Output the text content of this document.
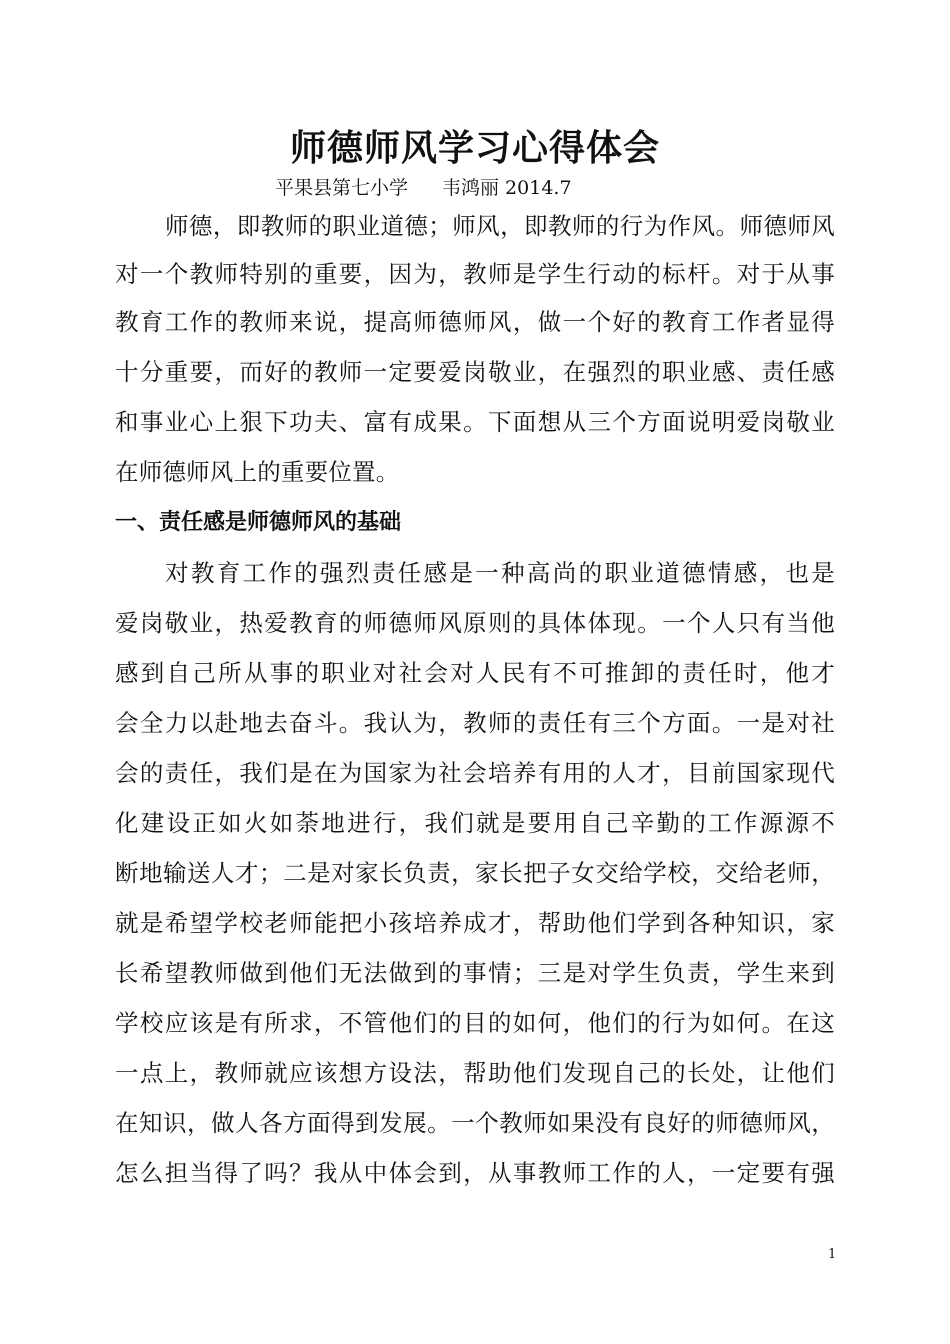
师德师风学习心得体会
平果县第七小学 韦鸿丽 2014.7
师德，即教师的职业道德；师风，即教师的行为作风。师德师风
对一个教师特别的重要，因为，教师是学生行动的标杆。对于从事
教育工作的教师来说，提高师德师风，做一个好的教育工作者显得
十分重要，而好的教师一定要爱岗敬业，在强烈的职业感、责任感
和事业心上狠下功夫、富有成果。下面想从三个方面说明爱岗敬业
在师德师风上的重要位置。
一、责任感是师德师风的基础
对教育工作的强烈责任感是一种高尚的职业道德情感，也是
爱岗敬业，热爱教育的师德师风原则的具体体现。一个人只有当他
感到自己所从事的职业对社会对人民有不可推卸的责任时，他才
会全力以赴地去奋斗。我认为，教师的责任有三个方面。一是对社
会的责任，我们是在为国家为社会培养有用的人才，目前国家现代
化建设正如火如荼地进行，我们就是要用自己辛勤的工作源源不
断地输送人才；二是对家长负责，家长把子女交给学校，交给老师，
就是希望学校老师能把小孩培养成才，帮助他们学到各种知识，家
长希望教师做到他们无法做到的事情；三是对学生负责，学生来到
学校应该是有所求，不管他们的目的如何，他们的行为如何。在这
一点上，教师就应该想方设法，帮助他们发现自己的长处，让他们
在知识，做人各方面得到发展。一个教师如果没有良好的师德师风，
怎么担当得了吗？我从中体会到，从事教师工作的人，一定要有强
1
